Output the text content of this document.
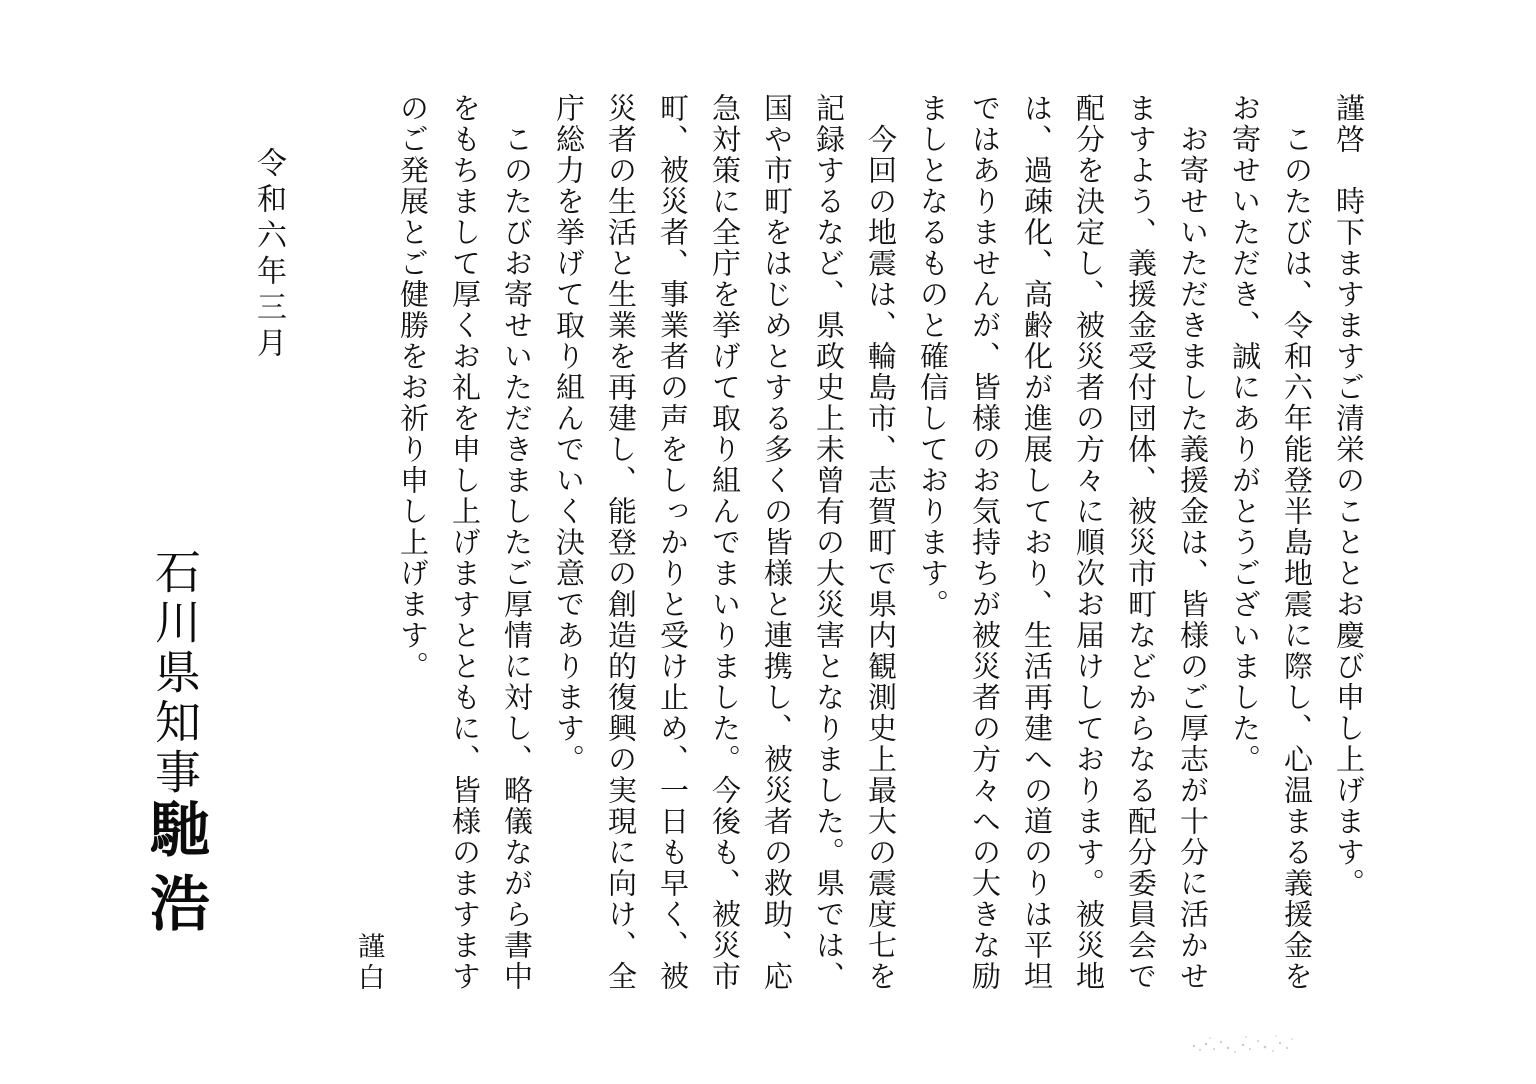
謹啓　時下ますますご清栄のこととお慶び申し上げます。
　このたびは、令和六年能登半島地震に際し、心温まる義援金を
お寄せいただき、誠にありがとうございました。
　お寄せいただきました義援金は、皆様のご厚志が十分に活かせ
ますよう、義援金受付団体、被災市町などからなる配分委員会で
配分を決定し、被災者の方々に順次お届けしております。被災地
は、過疎化、高齢化が進展しており、生活再建への道のりは平坦
ではありませんが、皆様のお気持ちが被災者の方々への大きな励
ましとなるものと確信しております。
　今回の地震は、輪島市、志賀町で県内観測史上最大の震度七を
記録するなど、県政史上未曾有の大災害となりました。県では、
国や市町をはじめとする多くの皆様と連携し、被災者の救助、応
急対策に全庁を挙げて取り組んでまいりました。今後も、被災市
町、被災者、事業者の声をしっかりと受け止め、一日も早く、被
災者の生活と生業を再建し、能登の創造的復興の実現に向け、全
庁総力を挙げて取り組んでいく決意であります。
　このたびお寄せいただきましたご厚情に対し、略儀ながら書中
をもちまして厚くお礼を申し上げますとともに、皆様のますます
のご発展とご健勝をお祈り申し上げます。
謹白
令和六年三月
石川県知事馳浩
